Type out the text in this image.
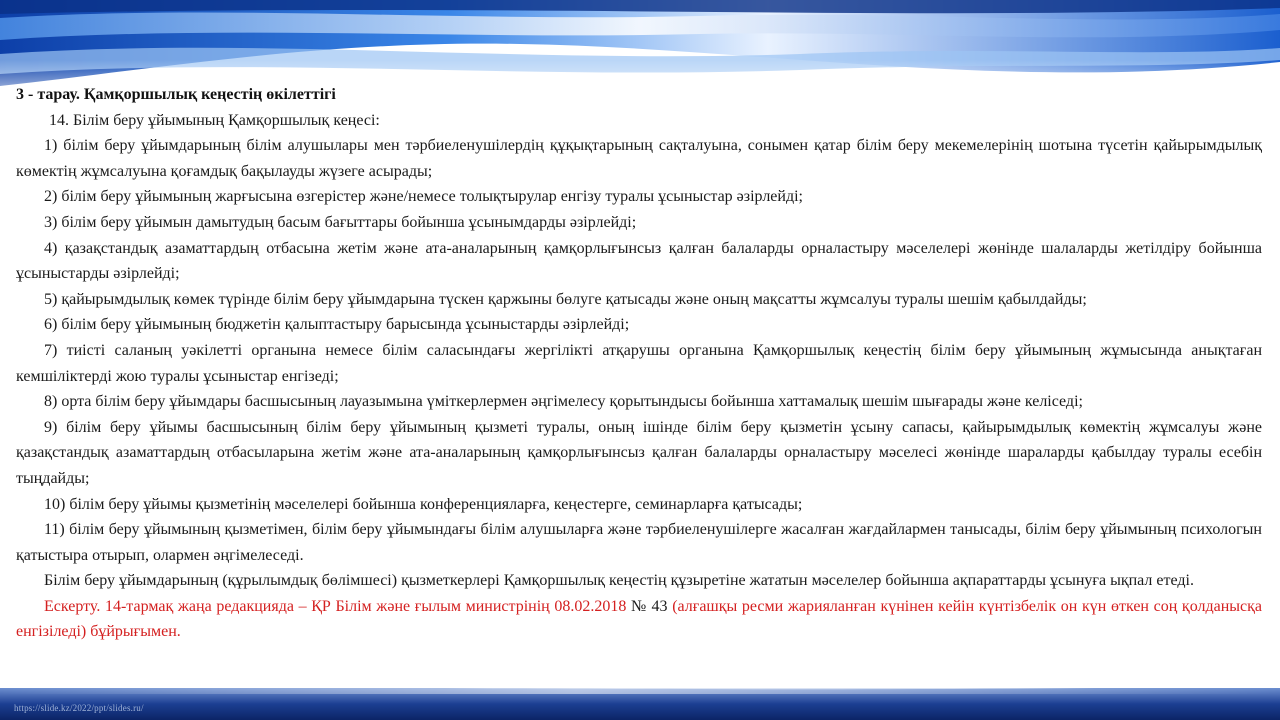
https://slide.kz/2022/ppt/slides.ru/

3 - тарау. Қамқоршылық кеңестің өкілеттігі

14. Білім беру ұйымының Қамқоршылық кеңесі:

1) білім беру ұйымдарының білім алушылары мен тәрбиеленушілердің құқықтарының сақталуына, сонымен қатар білім беру мекемелерінің шотына түсетін қайырымдылық көмектің жұмсалуына қоғамдық бақылауды жүзеге асырады;

2) білім беру ұйымының жарғысына өзгерістер және/немесе толықтырулар енгізу туралы ұсыныстар әзірлейді;

3) білім беру ұйымын дамытудың басым бағыттары бойынша ұсынымдарды әзірлейді;

4) қазақстандық азаматтардың отбасына жетім және ата-аналарының қамқорлығынсыз қалған балаларды орналастыру мәселелері жөнінде шалаларды жетілдіру бойынша ұсыныстарды әзірлейді;

5) қайырымдылық көмек түрінде білім беру ұйымдарына түскен қаржыны бөлуге қатысады және оның мақсатты жұмсалуы туралы шешім қабылдайды;

6) білім беру ұйымының бюджетін қалыптастыру барысында ұсыныстарды әзірлейді;

7) тиісті саланың уәкілетті органына немесе білім саласындағы жергілікті атқарушы органына Қамқоршылық кеңестің білім беру ұйымының жұмысында анықтаған кемшіліктерді жою туралы ұсыныстар енгізеді;

8) орта білім беру ұйымдары басшысының лауазымына үміткерлермен әңгімелесу қорытындысы бойынша хаттамалық шешім шығарады және келіседі;

9) білім беру ұйымы басшысының білім беру ұйымының қызметі туралы, оның ішінде білім беру қызметін ұсыну сапасы, қайырымдылық көмектің жұмсалуы және қазақстандық азаматтардың отбасыларына жетім және ата-аналарының қамқорлығынсыз қалған балаларды орналастыру мәселесі жөнінде шараларды қабылдау туралы есебін тыңдайды;

10) білім беру ұйымы қызметінің мәселелері бойынша конференцияларға, кеңестерге, семинарларға қатысады;

11) білім беру ұйымының қызметімен, білім беру ұйымындағы білім алушыларға және тәрбиеленушілерге жасалған жағдайлармен танысады, білім беру ұйымының психологын қатыстыра отырып, олармен әңгімелеседі.

Білім беру ұйымдарының (құрылымдық бөлімшесі) қызметкерлері Қамқоршылық кеңестің құзыретіне жататын мәселелер бойынша ақпараттарды ұсынуға ықпал етеді.

Ескерту. 14-тармақ жаңа редакцияда – ҚР Білім және ғылым министрінің 08.02.2018 № 43 (алғашқы ресми жарияланған күнінен кейін күнтізбелік он күн өткен соң қолданысқа енгізіледі) бұйрығымен.
